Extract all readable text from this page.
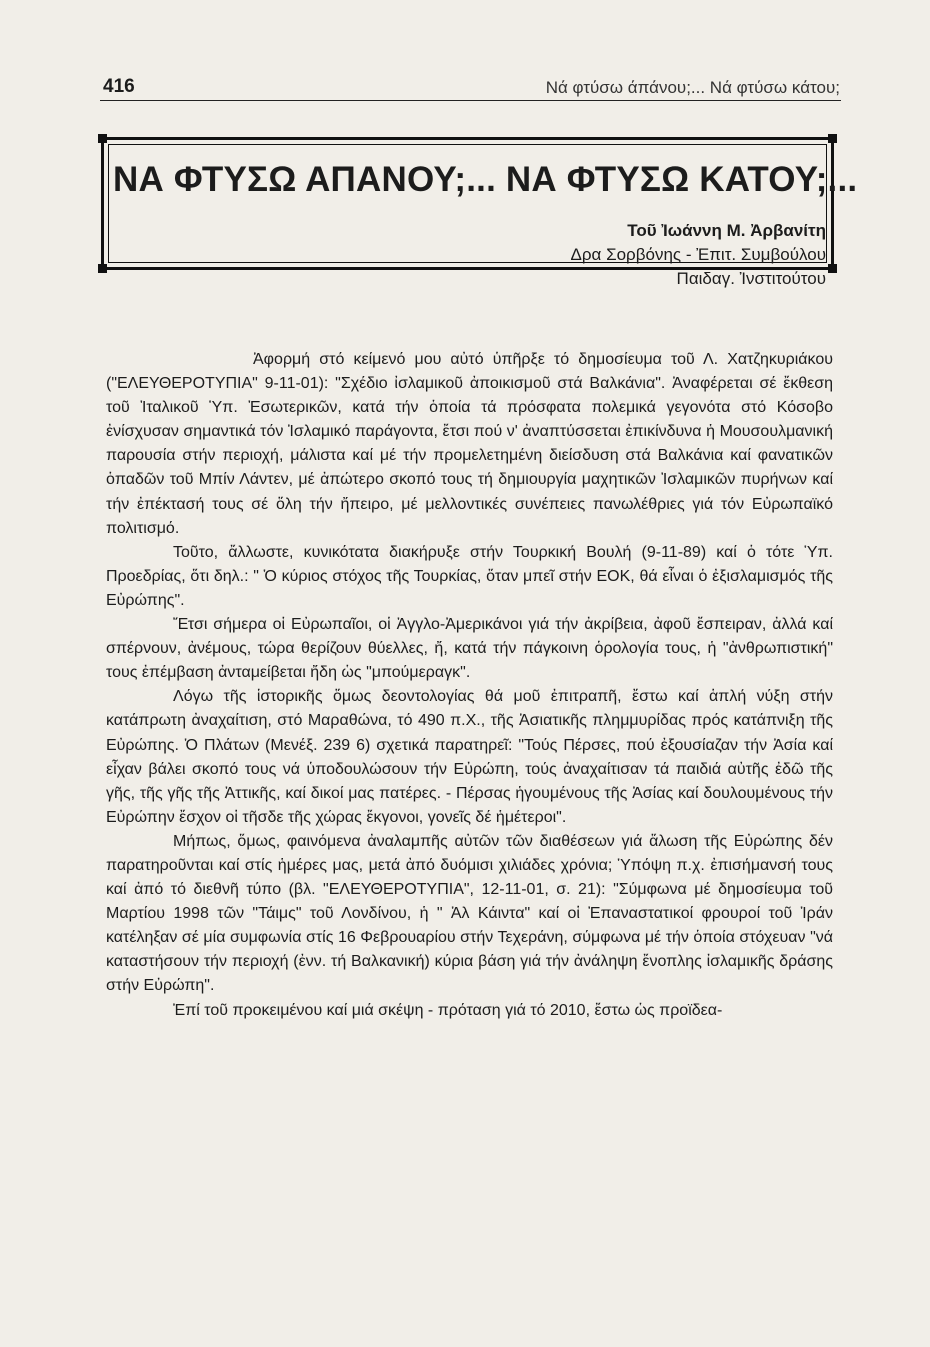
416	Νά φτύσω άπάνου;... Νά φτύσω κάτου;
ΝΑ ΦΤΥΣΩ ΑΠΑΝΟΥ;... ΝΑ ΦΤΥΣΩ ΚΑΤΟΥ;...
Τοῦ Ἰωάννη Μ. Ἀρβανίτη
Δρα Σορβόνης - Ἐπιτ. Συμβούλου
Παιδαγ. Ἰνστιτούτου

Ἀφορμή στό κείμενό μου αὐτό ὑπῆρξε τό δημοσίευμα τοῦ Λ. Χατζηκυριάκου ("ΕΛΕΥΘΕΡΟΤΥΠΙΑ" 9-11-01): "Σχέδιο ἰσλαμικοῦ ἀποικισμοῦ στά Βαλκάνια". Ἀναφέρεται σέ ἔκθεση τοῦ Ἰταλικοῦ Ὑπ. Ἐσωτερικῶν, κατά τήν ὁποία τά πρόσφατα πολεμικά γεγονότα στό Κόσοβο ἐνίσχυσαν σημαντικά τόν Ἰσλαμικό παράγοντα, ἔτσι πού ν' ἀναπτύσσεται ἐπικίνδυνα ἡ Μουσουλμανική παρουσία στήν περιοχή, μάλιστα καί μέ τήν προμελετημένη διείσδυση στά Βαλκάνια καί φανατικῶν ὁπαδῶν τοῦ Μπίν Λάντεν, μέ ἀπώτερο σκοπό τους τή δημιουργία μαχητικῶν Ἰσλαμικῶν πυρήνων καί τήν ἐπέκτασή τους σέ ὅλη τήν ἤπειρο, μέ μελλοντικές συνέπειες πανωλέθριες γιά τόν Εὐρωπαϊκό πολιτισμό.

Τοῦτο, ἄλλωστε, κυνικότατα διακήρυξε στήν Τουρκική Βουλή (9-11-89) καί ὁ τότε Ὑπ. Προεδρίας, ὅτι δηλ.: " Ὁ κύριος στόχος τῆς Τουρκίας, ὅταν μπεῖ στήν ΕΟΚ, θά εἶναι ὁ ἐξισλαμισμός τῆς Εὐρώπης".

Ἔτσι σήμερα οἱ Εὐρωπαῖοι, οἱ Ἀγγλο-Ἀμερικάνοι γιά τήν ἀκρίβεια, ἀφοῦ ἔσπειραν, ἀλλά καί σπέρνουν, ἀνέμους, τώρα θερίζουν θύελλες, ἤ, κατά τήν πάγκοινη ὁρολογία τους, ἡ "ἀνθρωπιστική" τους ἐπέμβαση ἀνταμείβεται ἤδη ὡς "μπούμεραγκ".

Λόγω τῆς ἱστορικῆς ὅμως δεοντολογίας θά μοῦ ἐπιτραπῆ, ἔστω καί ἁπλή νύξη στήν κατάπρωτη ἀναχαίτιση, στό Μαραθώνα, τό 490 π.Χ., τῆς Ἀσιατικῆς πλημμυρίδας πρός κατάπνιξη τῆς Εὐρώπης. Ὁ Πλάτων (Μενέξ. 239 6) σχετικά παρατηρεῖ: "Τούς Πέρσες, πού ἐξουσίαζαν τήν Ἀσία καί εἶχαν βάλει σκοπό τους νά ὑποδουλώσουν τήν Εὐρώπη, τούς ἀναχαίτισαν τά παιδιά αὐτῆς ἐδῶ τῆς γῆς, τῆς γῆς τῆς Ἀττικῆς, καί δικοί μας πατέρες. - Πέρσας ἡγουμένους τῆς Ἀσίας καί δουλουμένους τήν Εὐρώπην ἔσχον οἱ τῆσδε τῆς χώρας ἔκγονοι, γονεῖς δέ ἡμέτεροι".

Μήπως, ὅμως, φαινόμενα ἀναλαμπῆς αὐτῶν τῶν διαθέσεων γιά ἅλωση τῆς Εὐρώπης δέν παρατηροῦνται καί στίς ἡμέρες μας, μετά ἀπό δυόμισι χιλιάδες χρόνια; Ὑπόψη π.χ. ἐπισήμανσή τους καί ἀπό τό διεθνῆ τύπο (βλ. "ΕΛΕΥΘΕΡΟΤΥΠΙΑ", 12-11-01, σ. 21): "Σύμφωνα μέ δημοσίευμα τοῦ Μαρτίου 1998 τῶν "Τάιμς" τοῦ Λονδίνου, ἡ " Ἀλ Κάιντα" καί οἱ Ἐπαναστατικοί φρουροί τοῦ Ἰράν κατέληξαν σέ μία συμφωνία στίς 16 Φεβρουαρίου στήν Τεχεράνη, σύμφωνα μέ τήν ὁποία στόχευαν "νά καταστήσουν τήν περιοχή (ἐνν. τή Βαλκανική) κύρια βάση γιά τήν ἀνάληψη ἔνοπλης ἰσλαμικῆς δράσης στήν Εὐρώπη".

Ἐπί τοῦ προκειμένου καί μιά σκέψη - πρόταση γιά τό 2010, ἔστω ὡς προϊδεα-
